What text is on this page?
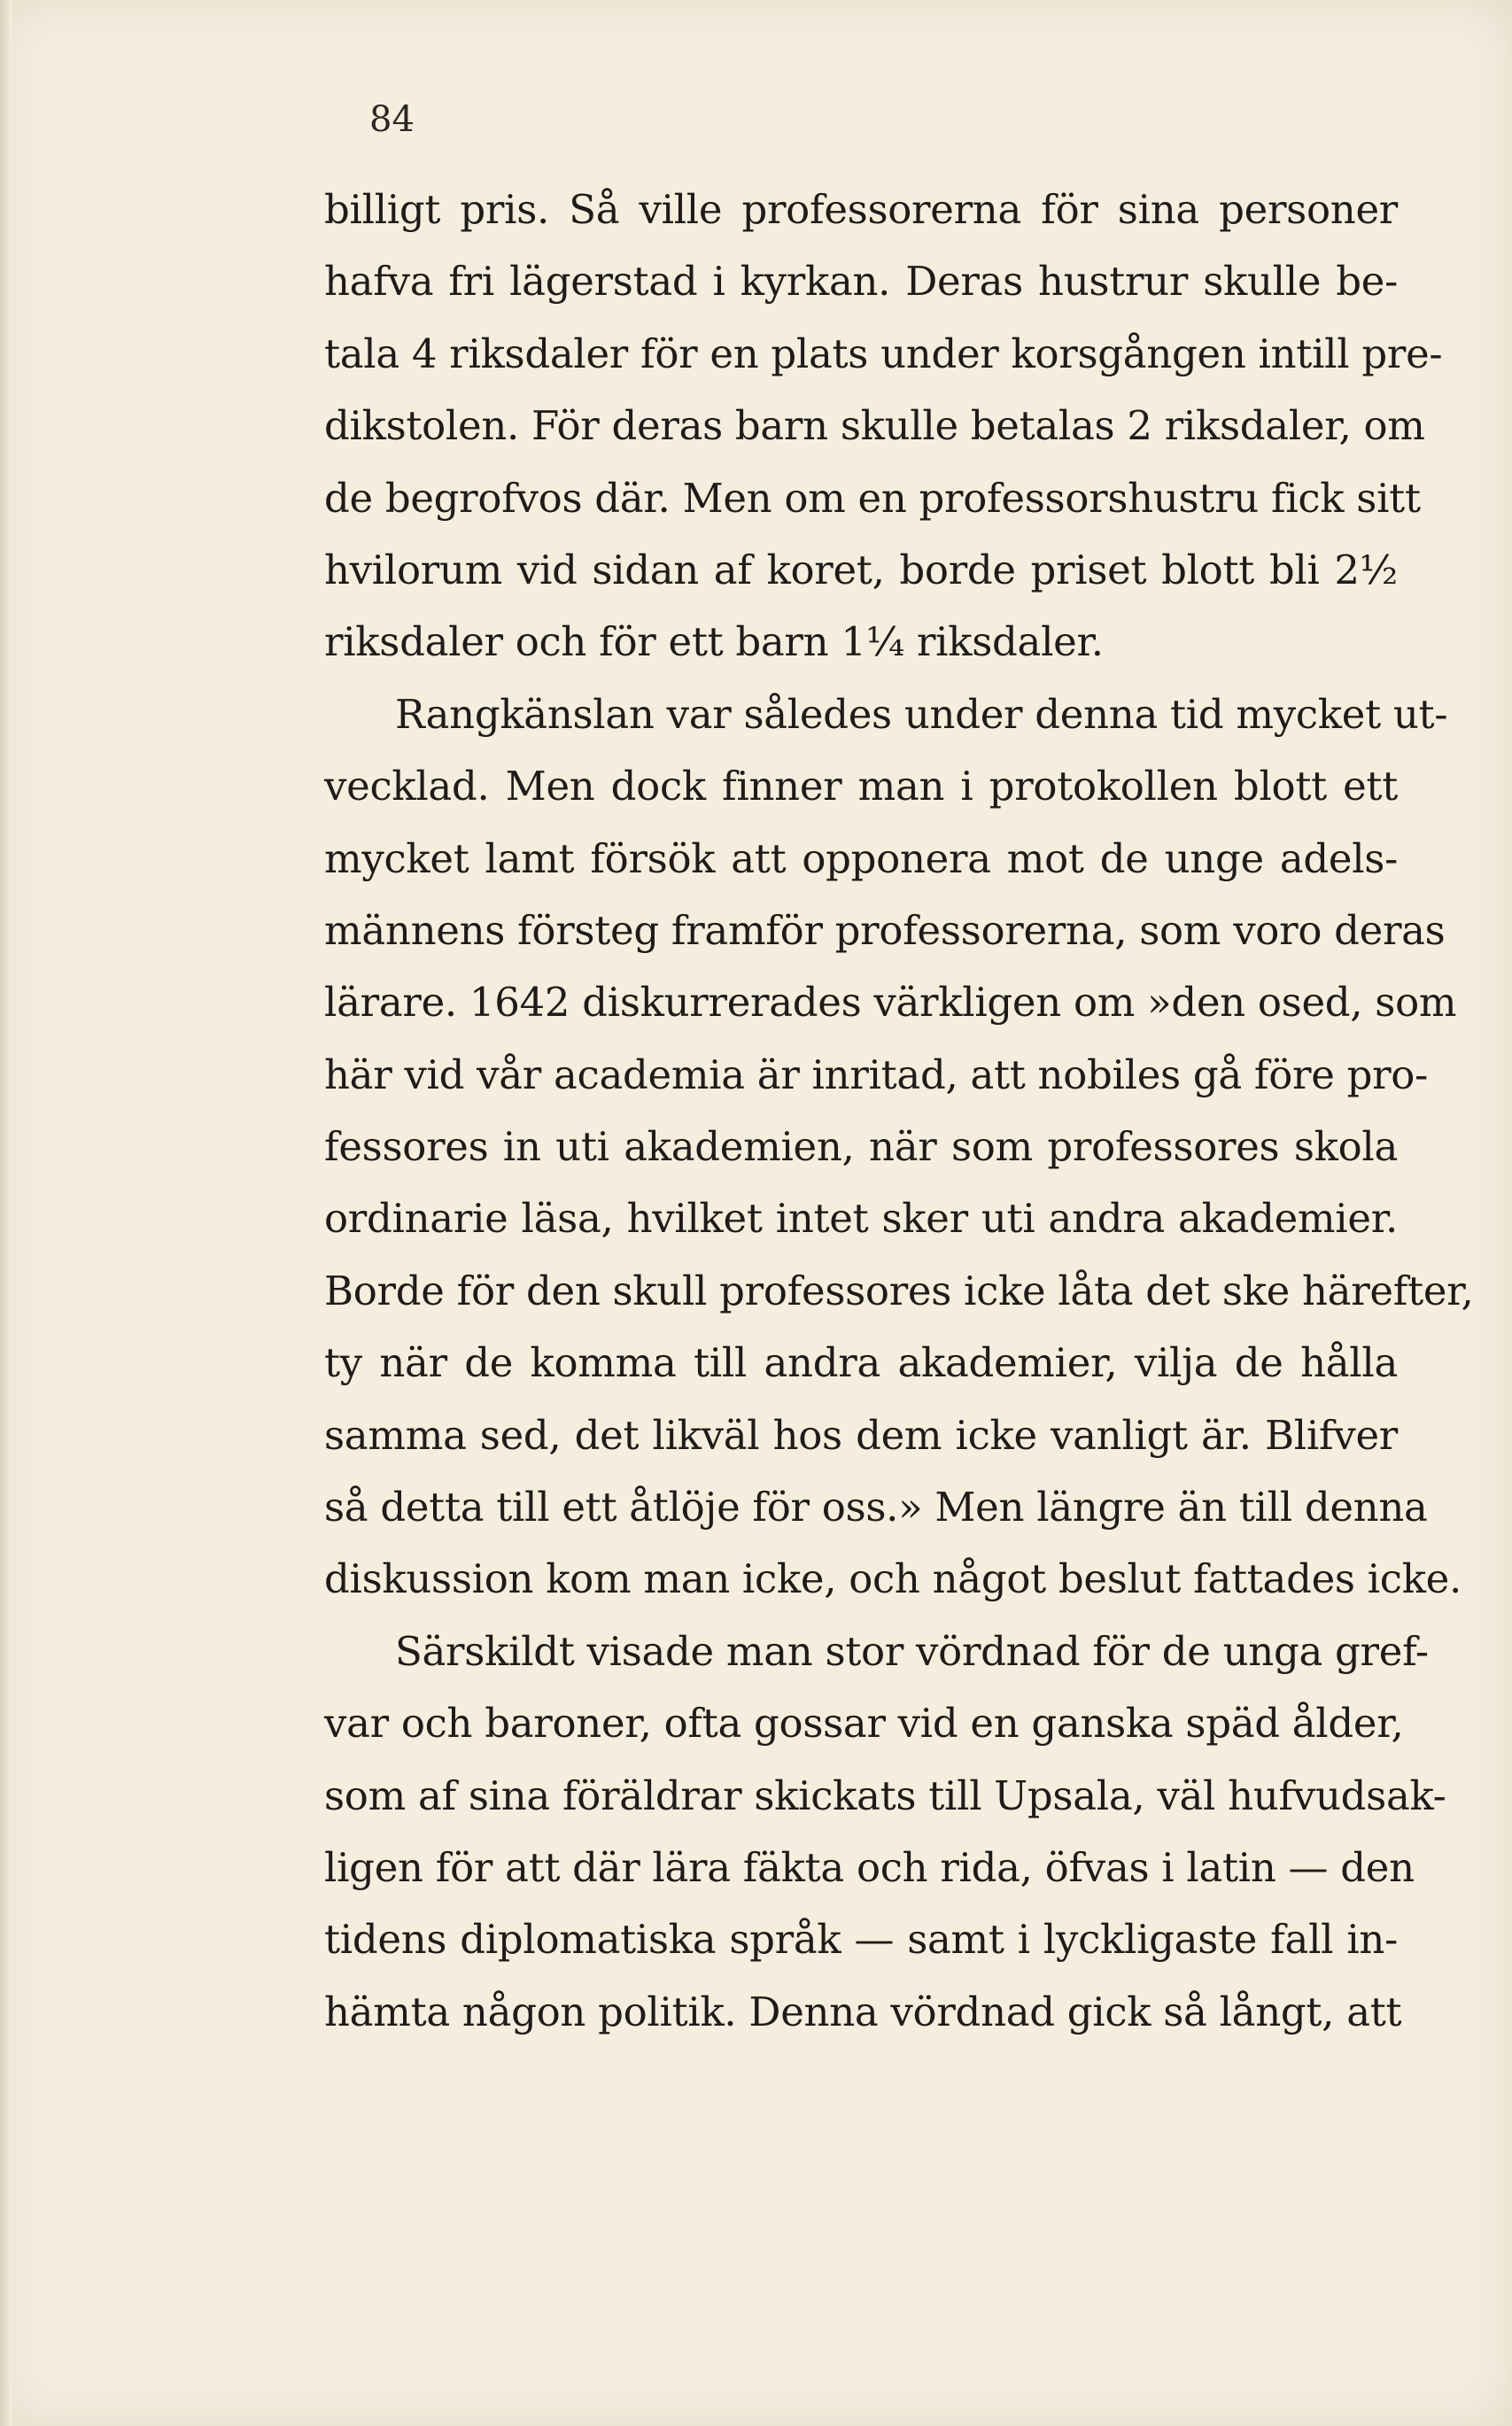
84
billigt pris. Så ville professorerna för sina personer
hafva fri lägerstad i kyrkan. Deras hustrur skulle be-
tala 4 riksdaler för en plats under korsgången intill pre-
dikstolen. För deras barn skulle betalas 2 riksdaler, om
de begrofvos där. Men om en professorshustru fick sitt
hvilorum vid sidan af koret, borde priset blott bli 2½
riksdaler och för ett barn 1¼ riksdaler.
Rangkänslan var således under denna tid mycket ut-
vecklad. Men dock finner man i protokollen blott ett
mycket lamt försök att opponera mot de unge adels-
männens försteg framför professorerna, som voro deras
lärare. 1642 diskurrerades värkligen om »den osed, som
här vid vår academia är inritad, att nobiles gå före pro-
fessores in uti akademien, när som professores skola
ordinarie läsa, hvilket intet sker uti andra akademier.
Borde för den skull professores icke låta det ske härefter,
ty när de komma till andra akademier, vilja de hålla
samma sed, det likväl hos dem icke vanligt är. Blifver
så detta till ett åtlöje för oss.» Men längre än till denna
diskussion kom man icke, och något beslut fattades icke.
Särskildt visade man stor vördnad för de unga gref-
var och baroner, ofta gossar vid en ganska späd ålder,
som af sina föräldrar skickats till Upsala, väl hufvudsak-
ligen för att där lära fäkta och rida, öfvas i latin — den
tidens diplomatiska språk — samt i lyckligaste fall in-
hämta någon politik. Denna vördnad gick så långt, att
